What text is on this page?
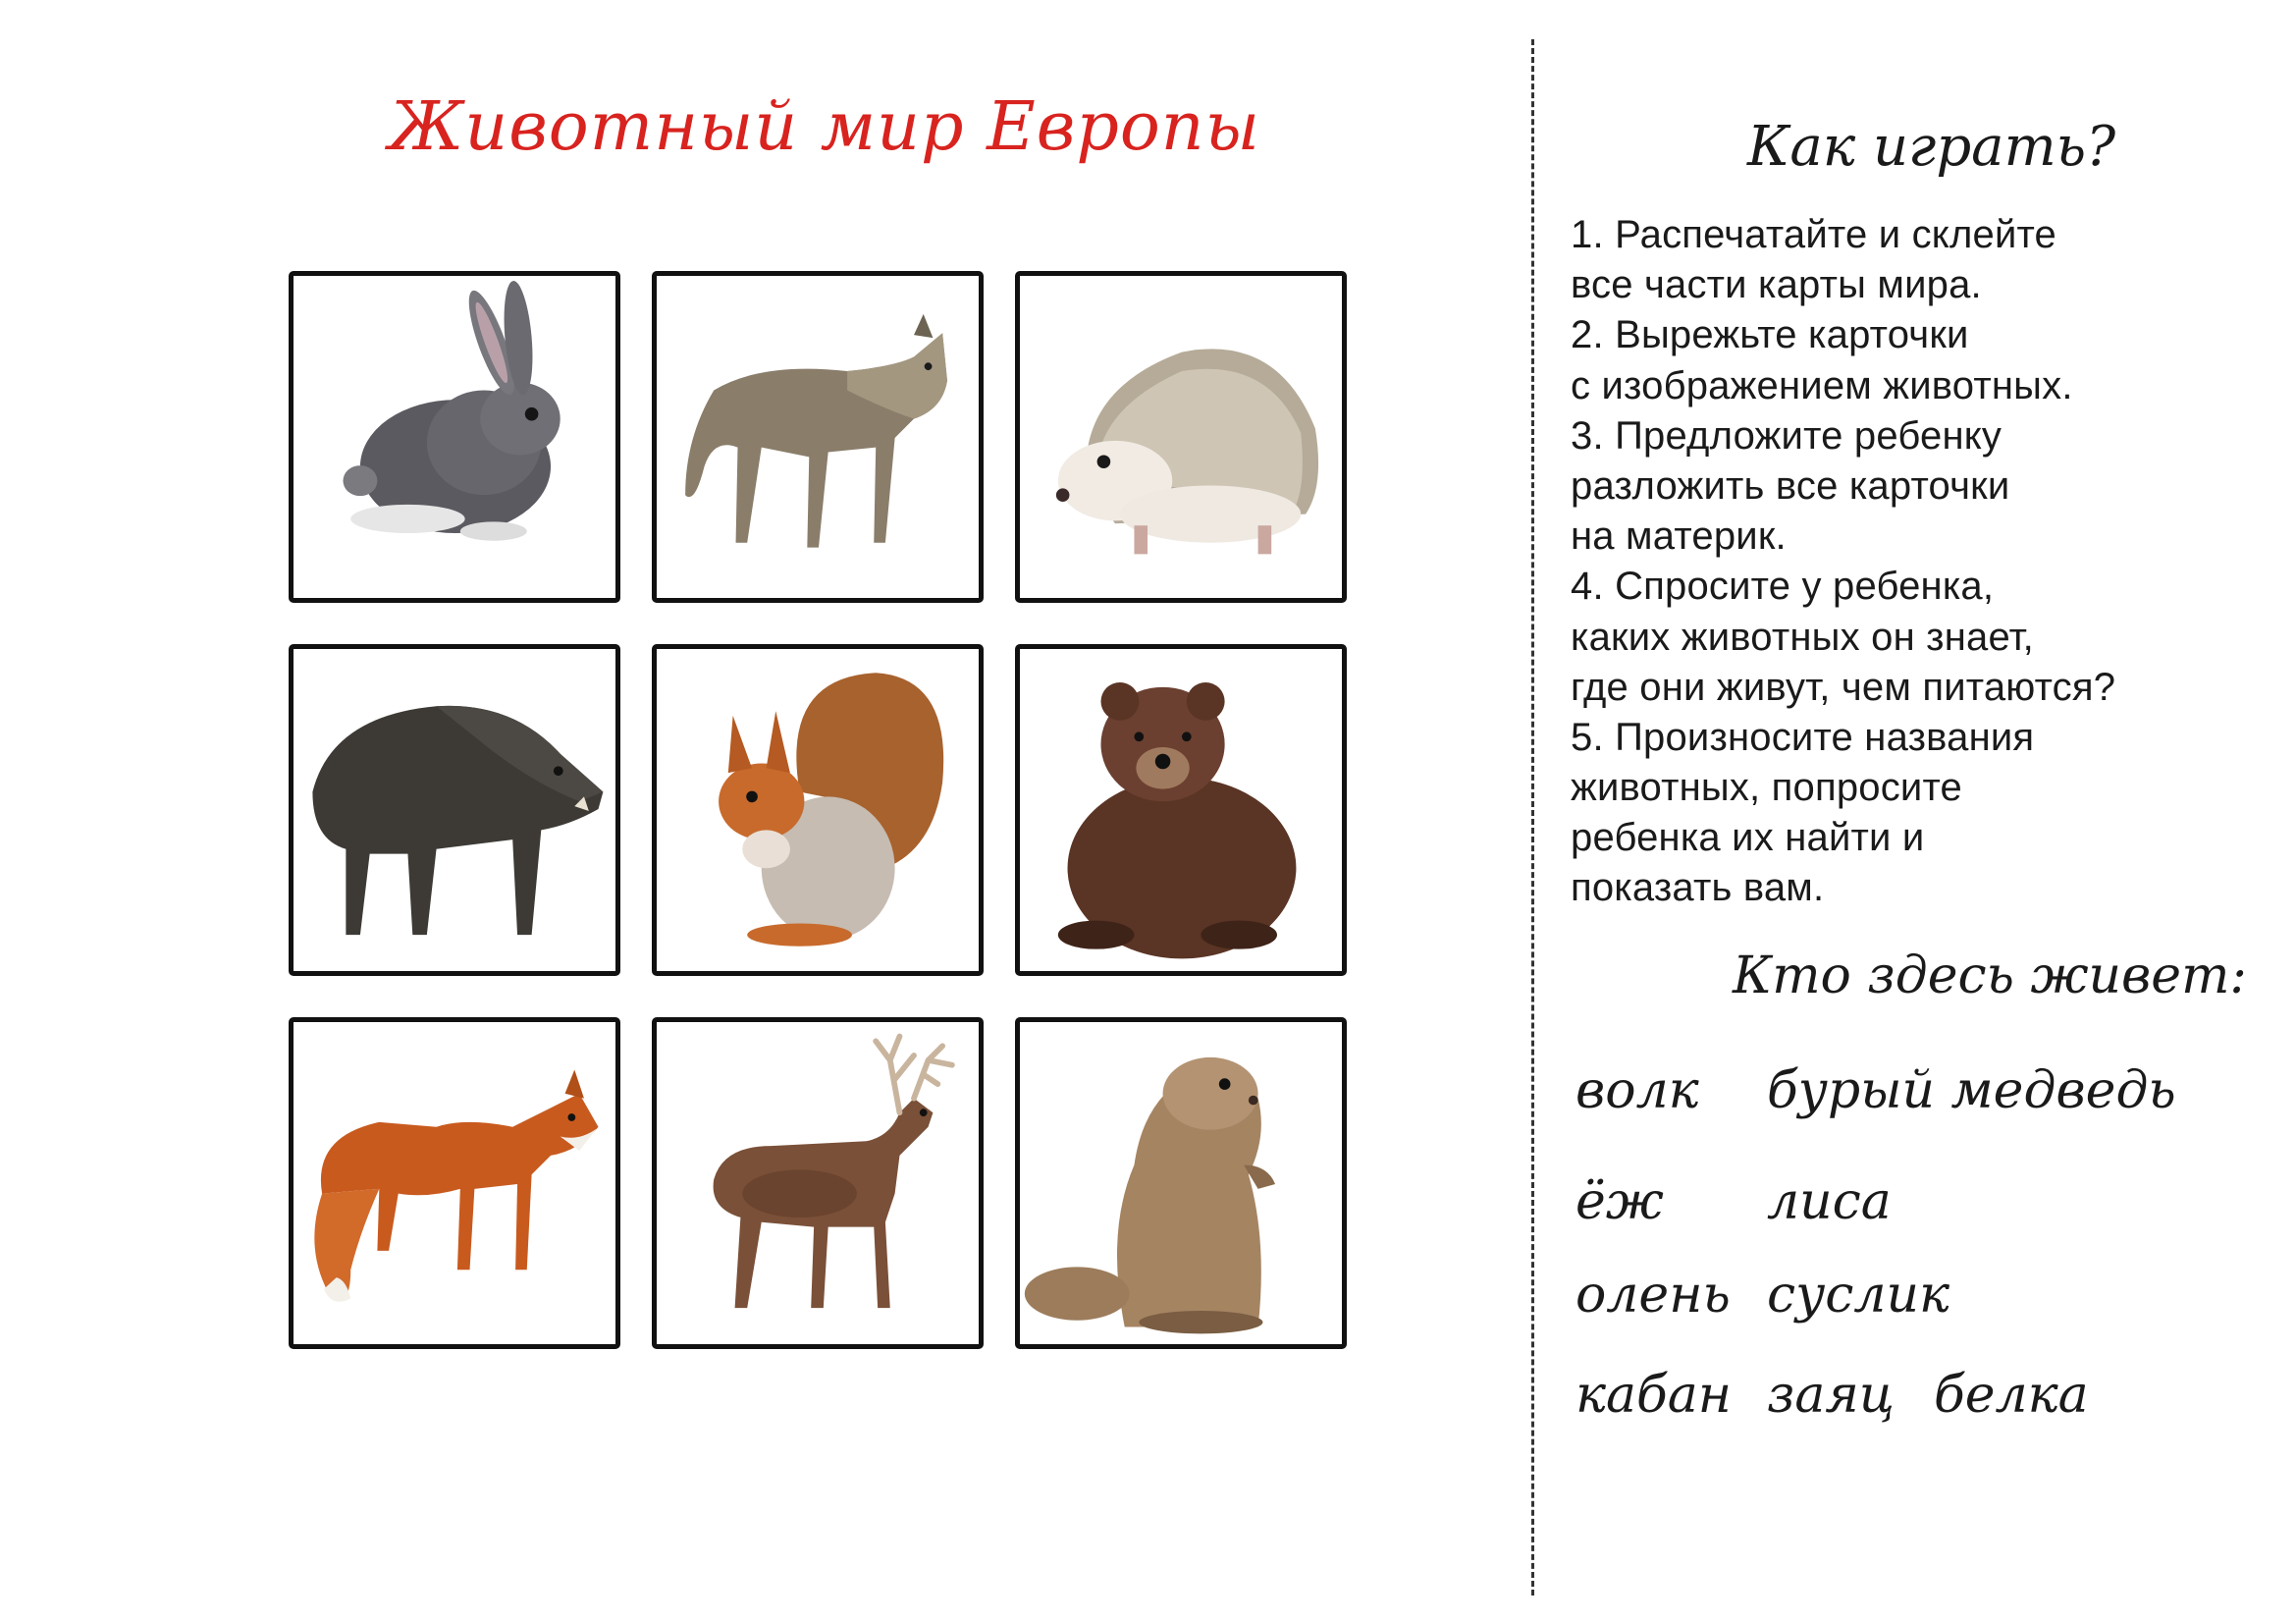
Животный мир Европы	Как играть?
1. Распечатайте и склейте
все части карты мира.
2. Вырежьте карточки
с изображением животных.
3. Предложите ребенку
разложить все карточки
на материк.
4. Спросите у ребенка,
каких животных он знает,
где они живут, чем питаются?
5. Произносите названия
животных, попросите
ребенка их найти и
показать вам.
Кто здесь живет:
волк бурый медведь
ёж лиса
олень суслик
кабан заяц белка
